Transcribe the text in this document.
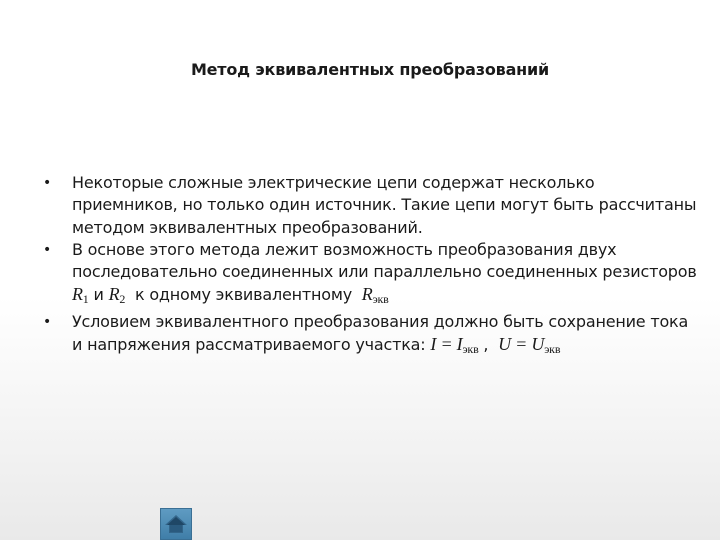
Метод эквивалентных преобразований
• Некоторые сложные электрические цепи содержат несколько приемников, но только один источник. Такие цепи могут быть рассчитаны методом эквивалентных преобразований.
• В основе этого метода лежит возможность преобразования двух последовательно соединенных или параллельно соединенных резисторов $R_1$ и $R_2$  к одному эквивалентному  $R_{экв}$
• Условием эквивалентного преобразования должно быть сохранение тока и напряжения рассматриваемого участка: $I = I_{экв}$ ,  $U = U_{экв}$
